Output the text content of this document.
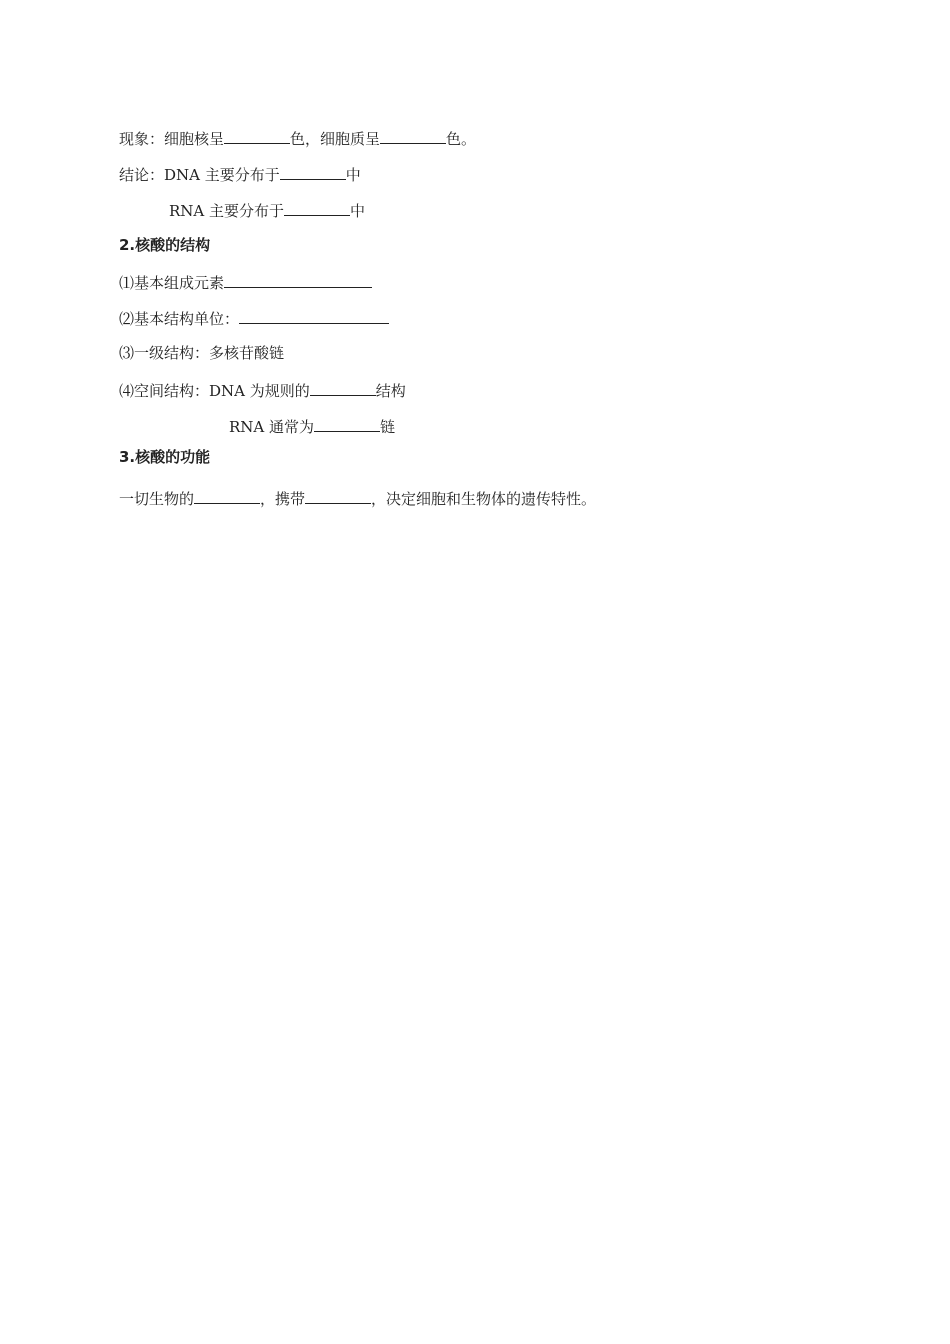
现象：细胞核呈	色，细胞质呈	色。
结论：DNA 主要分布于	中
RNA 主要分布于	中
2.核酸的结构
⑴基本组成元素
⑵基本结构单位：
⑶一级结构：多核苷酸链
⑷空间结构：DNA 为规则的	结构
RNA 通常为	链
3.核酸的功能
一切生物的	，携带	，决定细胞和生物体的遗传特性。
